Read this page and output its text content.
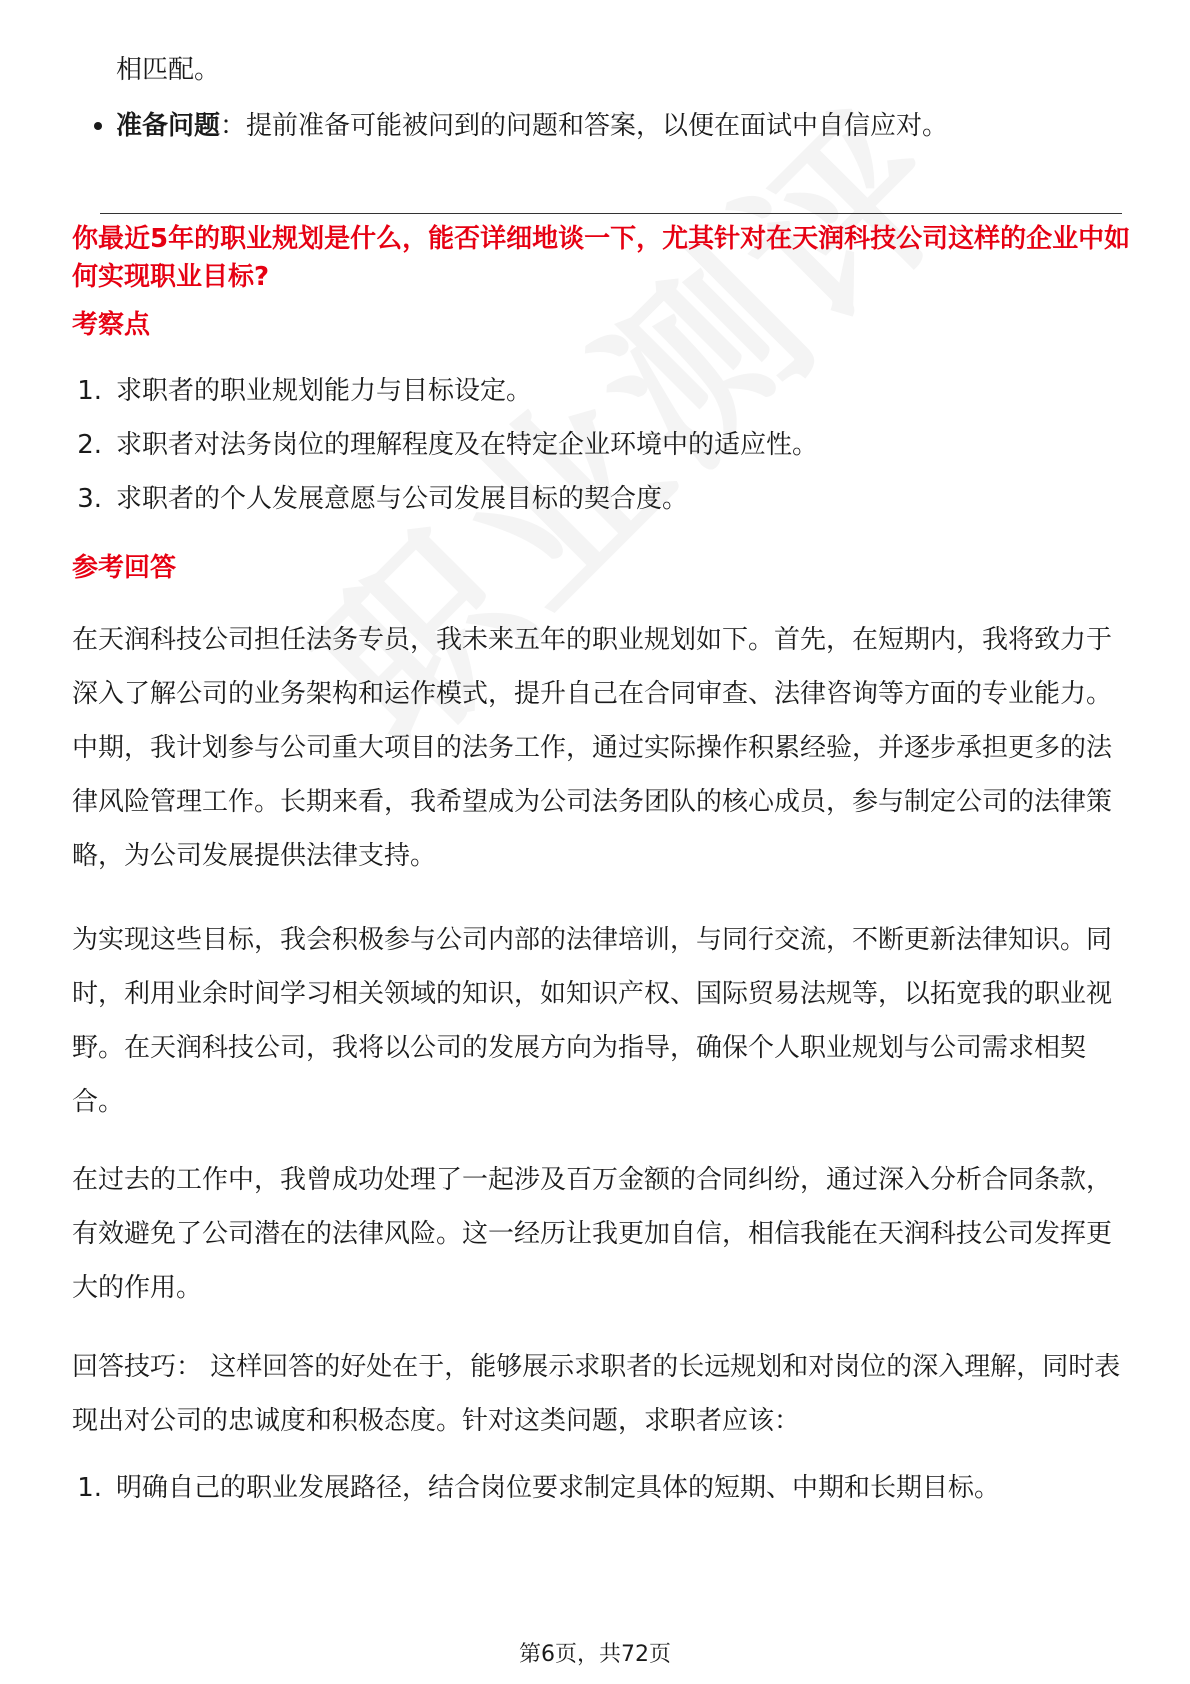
相匹配。
准备问题：提前准备可能被问到的问题和答案，以便在面试中自信应对。
你最近5年的职业规划是什么，能否详细地谈一下，尤其针对在天润科技公司这样的企业中如何实现职业目标?
考察点
1. 求职者的职业规划能力与目标设定。
2. 求职者对法务岗位的理解程度及在特定企业环境中的适应性。
3. 求职者的个人发展意愿与公司发展目标的契合度。
参考回答
在天润科技公司担任法务专员，我未来五年的职业规划如下。首先，在短期内，我将致力于深入了解公司的业务架构和运作模式，提升自己在合同审查、法律咨询等方面的专业能力。中期，我计划参与公司重大项目的法务工作，通过实际操作积累经验，并逐步承担更多的法律风险管理工作。长期来看，我希望成为公司法务团队的核心成员，参与制定公司的法律策略，为公司发展提供法律支持。
为实现这些目标，我会积极参与公司内部的法律培训，与同行交流，不断更新法律知识。同时，利用业余时间学习相关领域的知识，如知识产权、国际贸易法规等，以拓宽我的职业视野。在天润科技公司，我将以公司的发展方向为指导，确保个人职业规划与公司需求相契合。
在过去的工作中，我曾成功处理了一起涉及百万金额的合同纠纷，通过深入分析合同条款，有效避免了公司潜在的法律风险。这一经历让我更加自信，相信我能在天润科技公司发挥更大的作用。
回答技巧： 这样回答的好处在于，能够展示求职者的长远规划和对岗位的深入理解，同时表现出对公司的忠诚度和积极态度。针对这类问题，求职者应该：
1. 明确自己的职业发展路径，结合岗位要求制定具体的短期、中期和长期目标。
第6页，共72页
